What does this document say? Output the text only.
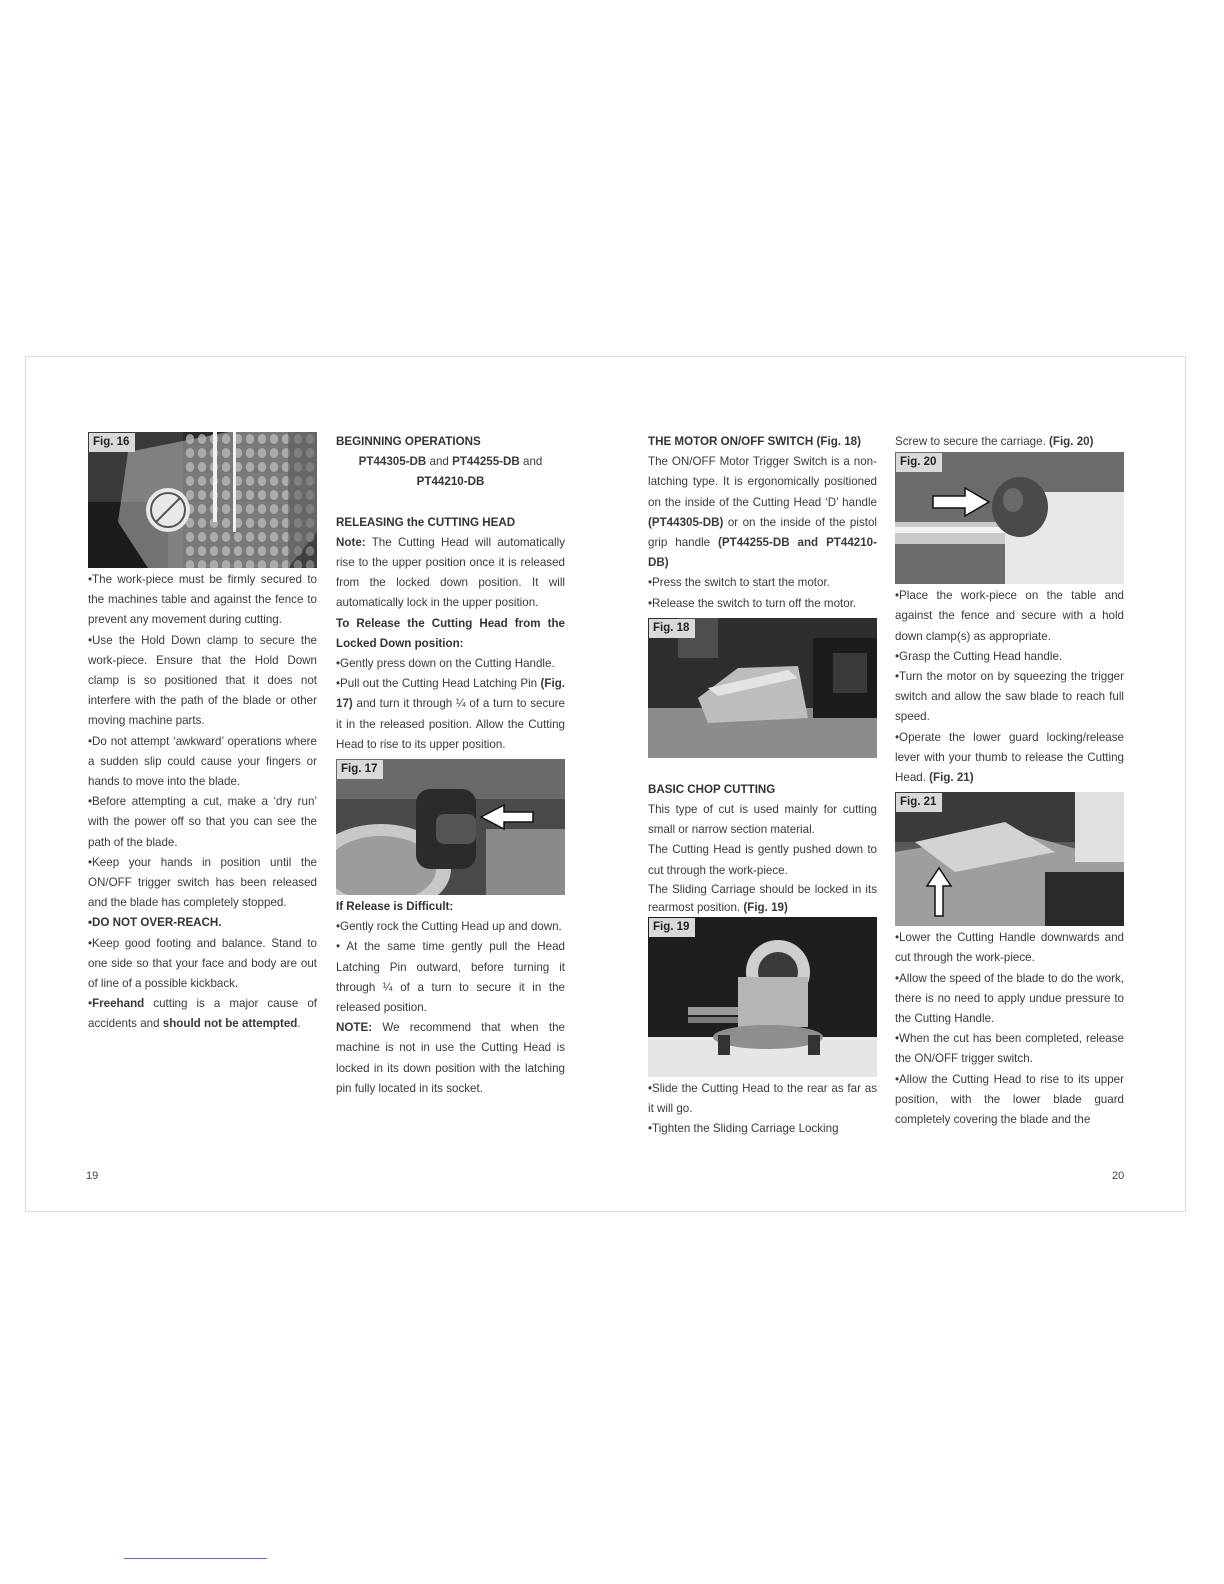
Fig. 16

•The work-piece must be firmly secured to the machines table and against the fence to prevent any movement during cutting.

•Use the Hold Down clamp to secure the work-piece. Ensure that the Hold Down clamp is so positioned that it does not interfere with the path of the blade or other moving machine parts.

•Do not attempt ‘awkward’ operations where a sudden slip could cause your fingers or hands to move into the blade.

•Before attempting a cut, make a ‘dry run’ with the power off so that you can see the path of the blade.

•Keep your hands in position until the ON/OFF trigger switch has been released and the blade has completely stopped.

•DO NOT OVER-REACH.

•Keep good footing and balance. Stand to one side so that your face and body are out of line of a possible kickback.

•Freehand cutting is a major cause of accidents and should not be attempted.

BEGINNING OPERATIONS

PT44305-DB and PT44255-DB and

PT44210-DB

RELEASING the CUTTING HEAD

Note: The Cutting Head will automatically rise to the upper position once it is released from the locked down position. It will automatically lock in the upper position.

To Release the Cutting Head from the Locked Down position:

•Gently press down on the Cutting Handle.

•Pull out the Cutting Head Latching Pin (Fig. 17) and turn it through ¼ of a turn to secure it in the released position. Allow the Cutting Head to rise to its upper position.

Fig. 17

If Release is Difficult:

•Gently rock the Cutting Head up and down.

• At the same time gently pull the Head Latching Pin outward, before turning it through ¼ of a turn to secure it in the released position.

NOTE: We recommend that when the machine is not in use the Cutting Head is locked in its down position with the latching pin fully located in its socket.

THE MOTOR ON/OFF SWITCH (Fig. 18)

The ON/OFF Motor Trigger Switch is a non-latching type. It is ergonomically positioned on the inside of the Cutting Head ‘D’ handle (PT44305-DB) or on the inside of the pistol grip handle (PT44255-DB and PT44210-DB)

•Press the switch to start the motor.

•Release the switch to turn off the motor.

Fig. 18

BASIC CHOP CUTTING

This type of cut is used mainly for cutting small or narrow section material.

The Cutting Head is gently pushed down to cut through the work-piece.

The Sliding Carriage should be locked in its rearmost position. (Fig. 19)

Fig. 19

•Slide the Cutting Head to the rear as far as it will go.

•Tighten the Sliding Carriage Locking

Screw to secure the carriage. (Fig. 20)

Fig. 20

•Place the work-piece on the table and against the fence and secure with a hold down clamp(s) as appropriate.

•Grasp the Cutting Head handle.

•Turn the motor on by squeezing the trigger switch and allow the saw blade to reach full speed.

•Operate the lower guard locking/release lever with your thumb to release the Cutting Head. (Fig. 21)

Fig. 21

•Lower the Cutting Handle downwards and cut through the work-piece.

•Allow the speed of the blade to do the work, there is no need to apply undue pressure to the Cutting Handle.

•When the cut has been completed, release the ON/OFF trigger switch.

•Allow the Cutting Head to rise to its upper position, with the lower blade guard completely covering the blade and the

19	20
